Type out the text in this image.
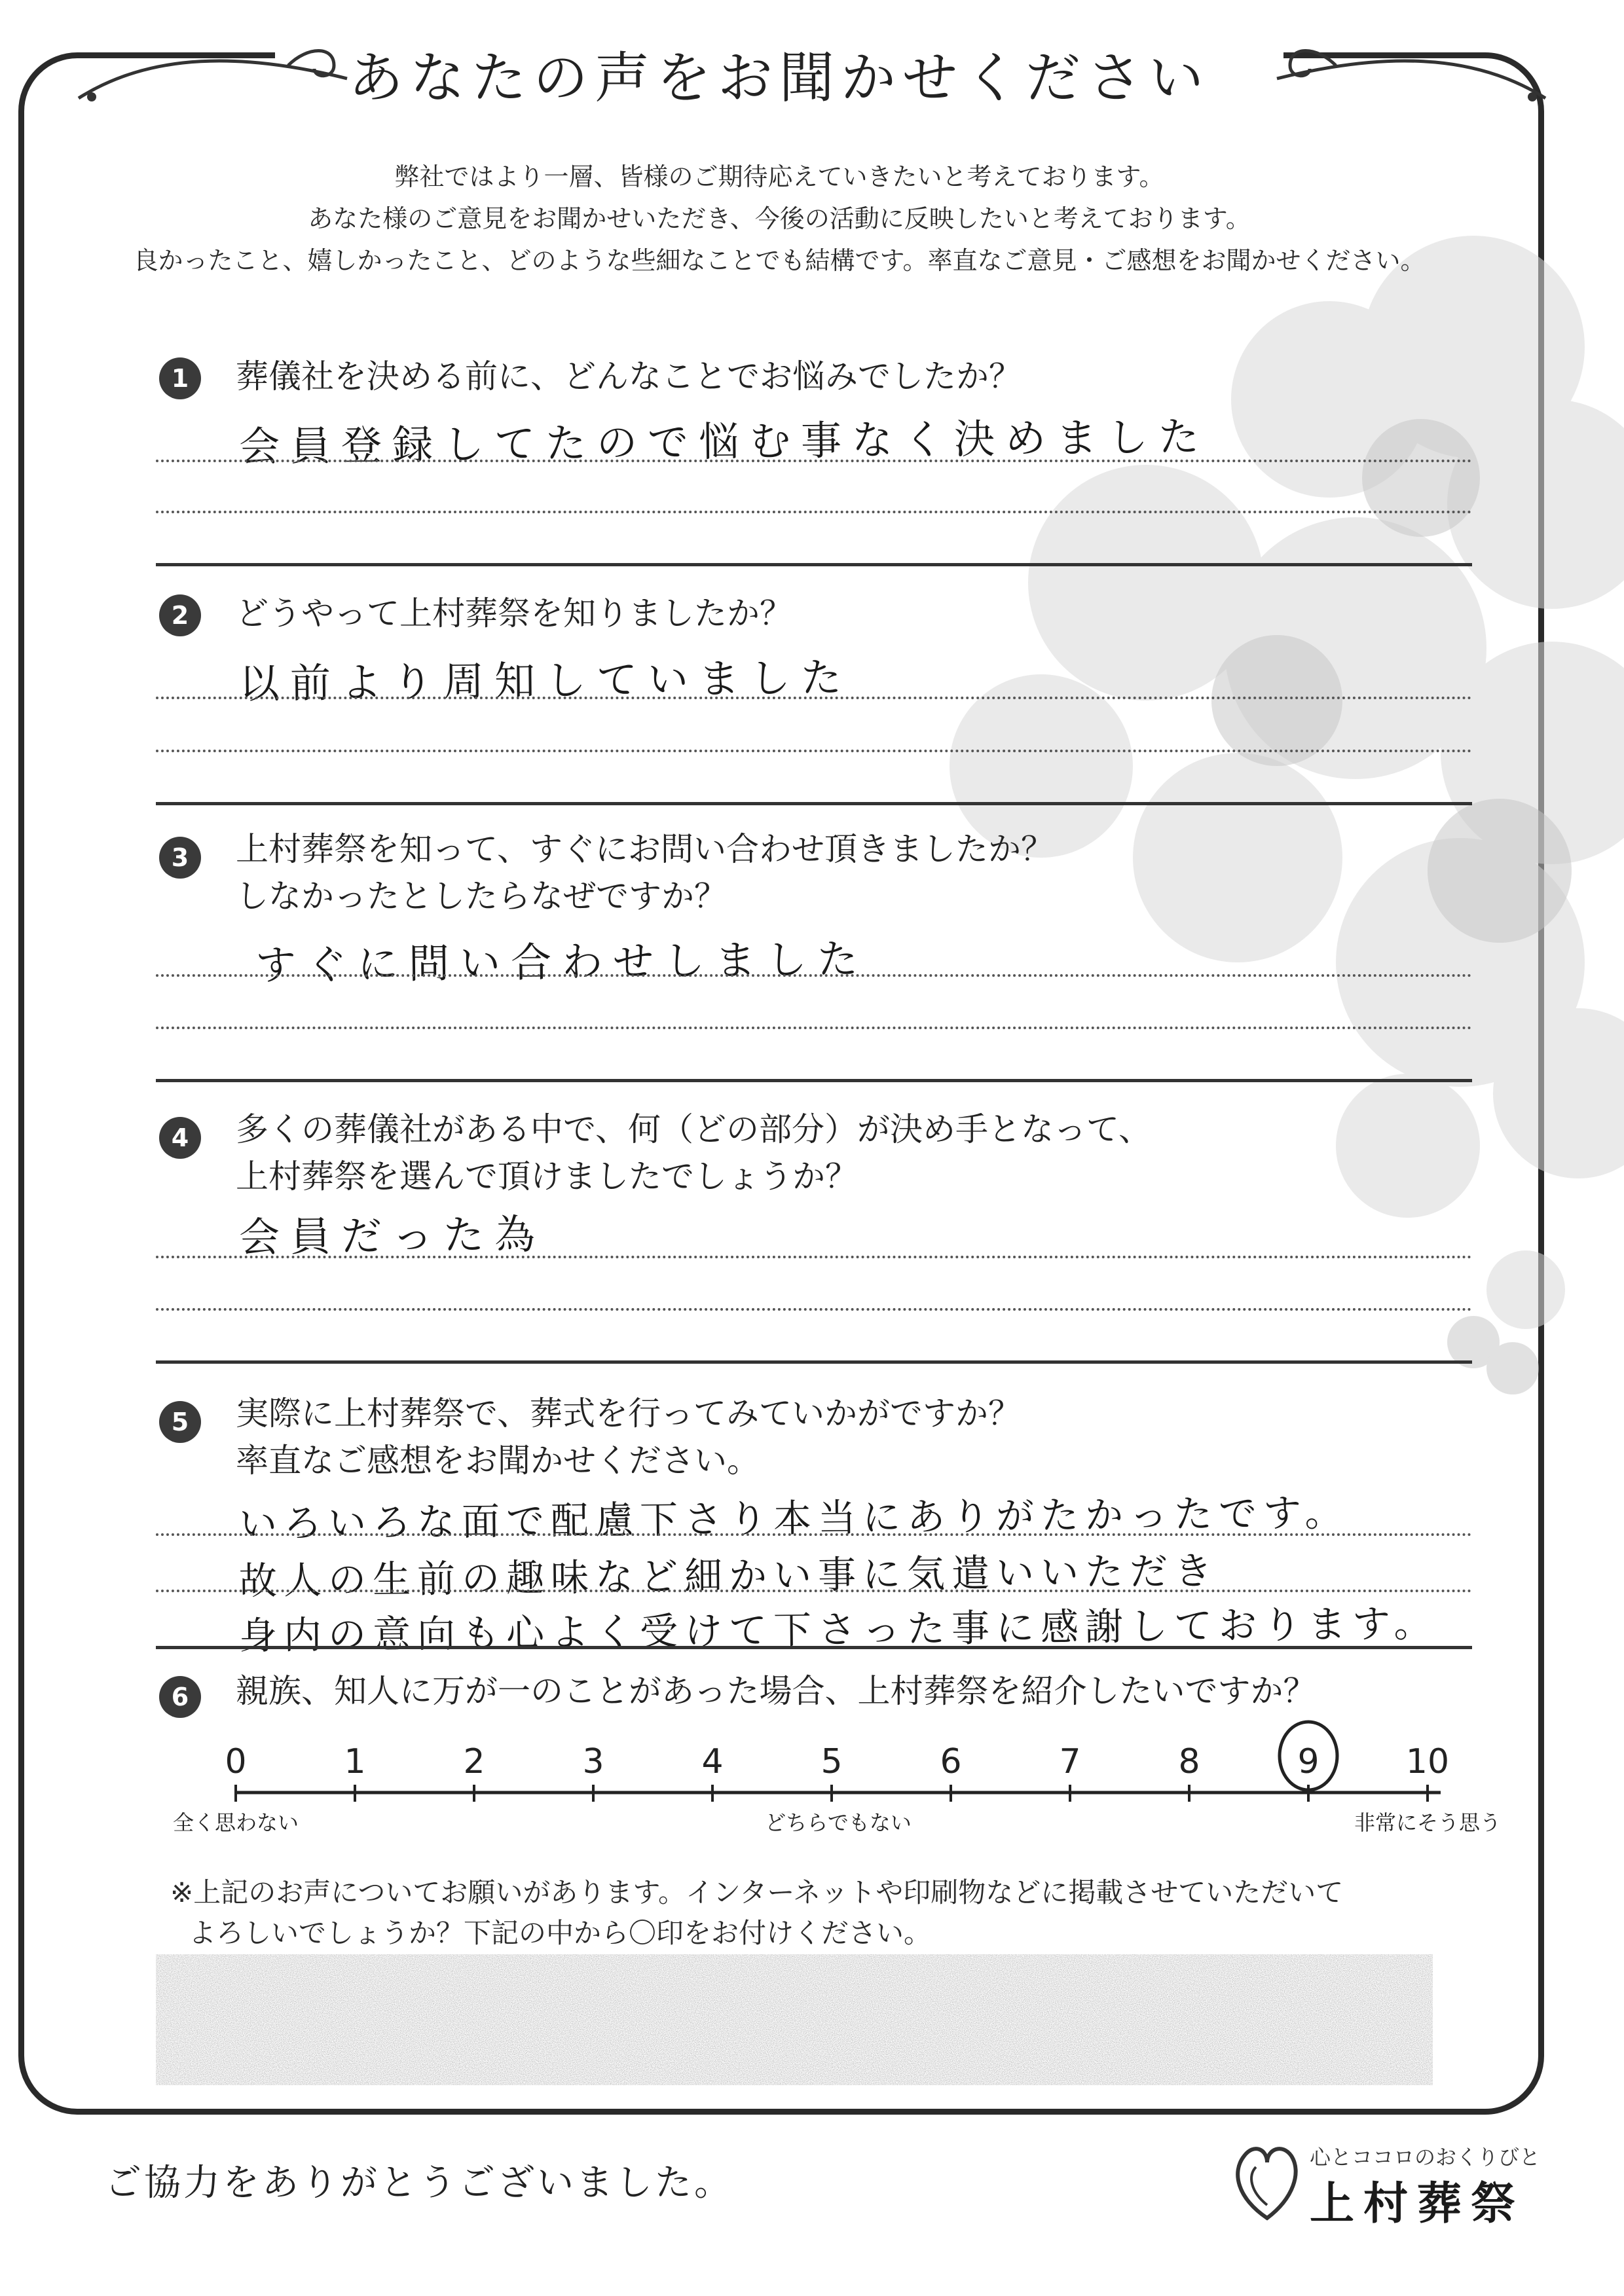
あなたの声をお聞かせください
弊社ではより一層、皆様のご期待応えていきたいと考えております。
あなた様のご意見をお聞かせいただき、今後の活動に反映したいと考えております。
良かったこと、嬉しかったこと、どのような些細なことでも結構です。率直なご意見・ご感想をお聞かせください。
1	葬儀社を決める前に、どんなことでお悩みでしたか？
会員登録してたので悩む事なく決めました
2	どうやって上村葬祭を知りましたか？
以前より周知していました
3	上村葬祭を知って、すぐにお問い合わせ頂きましたか？
しなかったとしたらなぜですか？
すぐに問い合わせしました
4	多くの葬儀社がある中で、何（どの部分）が決め手となって、
上村葬祭を選んで頂けましたでしょうか？
会員だった為
5	実際に上村葬祭で、葬式を行ってみていかがですか？
率直なご感想をお聞かせください。
いろいろな面で配慮下さり本当にありがたかったです。
故人の生前の趣味など細かい事に気遣いいただき
身内の意向も心よく受けて下さった事に感謝しております。
6	親族、知人に万が一のことがあった場合、上村葬祭を紹介したいですか？
0	1	2	3	4	5	6	7	8	9	10
全く思わない	どちらでもない	非常にそう思う
※上記のお声についてお願いがあります。インターネットや印刷物などに掲載させていただいて
よろしいでしょうか？下記の中から〇印をお付けください。
ご協力をありがとうございました。
心とココロのおくりびと
上村葬祭
